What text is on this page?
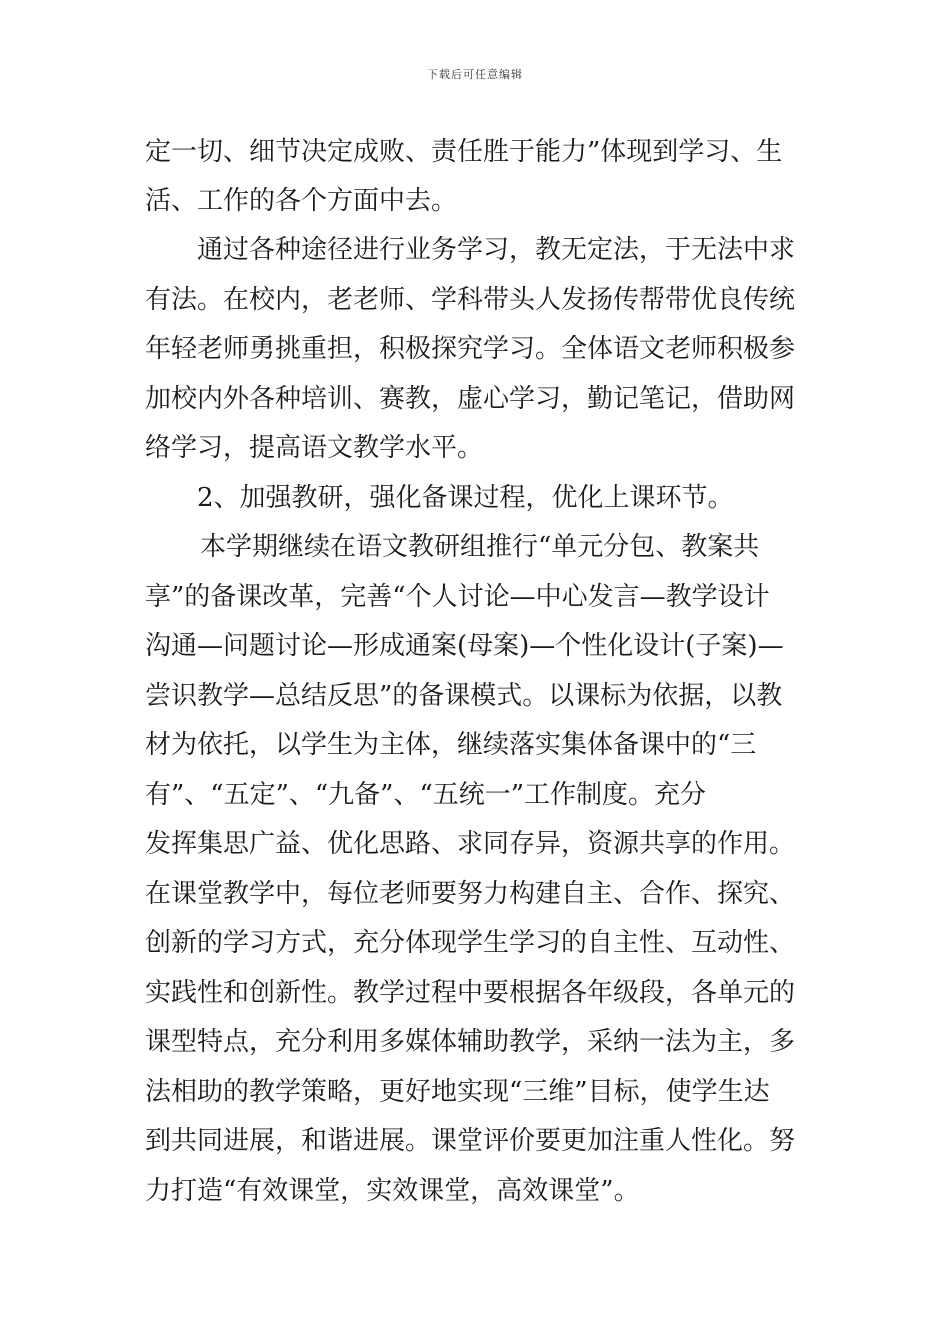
下载后可任意编辑
定一切、细节决定成败、责任胜于能力”体现到学习、生
活、工作的各个方面中去。
通过各种途径进行业务学习，教无定法，于无法中求
有法。在校内，老老师、学科带头人发扬传帮带优良传统
年轻老师勇挑重担，积极探究学习。全体语文老师积极参
加校内外各种培训、赛教，虚心学习，勤记笔记，借助网
络学习，提高语文教学水平。
2、加强教研，强化备课过程，优化上课环节。
本学期继续在语文教研组推行“单元分包、教案共
享”的备课改革，完善“个人讨论—中心发言—教学设计
沟通—问题讨论—形成通案(母案)—个性化设计(子案)—
尝识教学—总结反思”的备课模式。以课标为依据，以教
材为依托，以学生为主体，继续落实集体备课中的“三
有”、“五定”、“九备”、“五统一”工作制度。充分
发挥集思广益、优化思路、求同存异，资源共享的作用。
在课堂教学中，每位老师要努力构建自主、合作、探究、
创新的学习方式，充分体现学生学习的自主性、互动性、
实践性和创新性。教学过程中要根据各年级段，各单元的
课型特点，充分利用多媒体辅助教学，采纳一法为主，多
法相助的教学策略，更好地实现“三维”目标，使学生达
到共同进展，和谐进展。课堂评价要更加注重人性化。努
力打造“有效课堂，实效课堂，高效课堂”。
